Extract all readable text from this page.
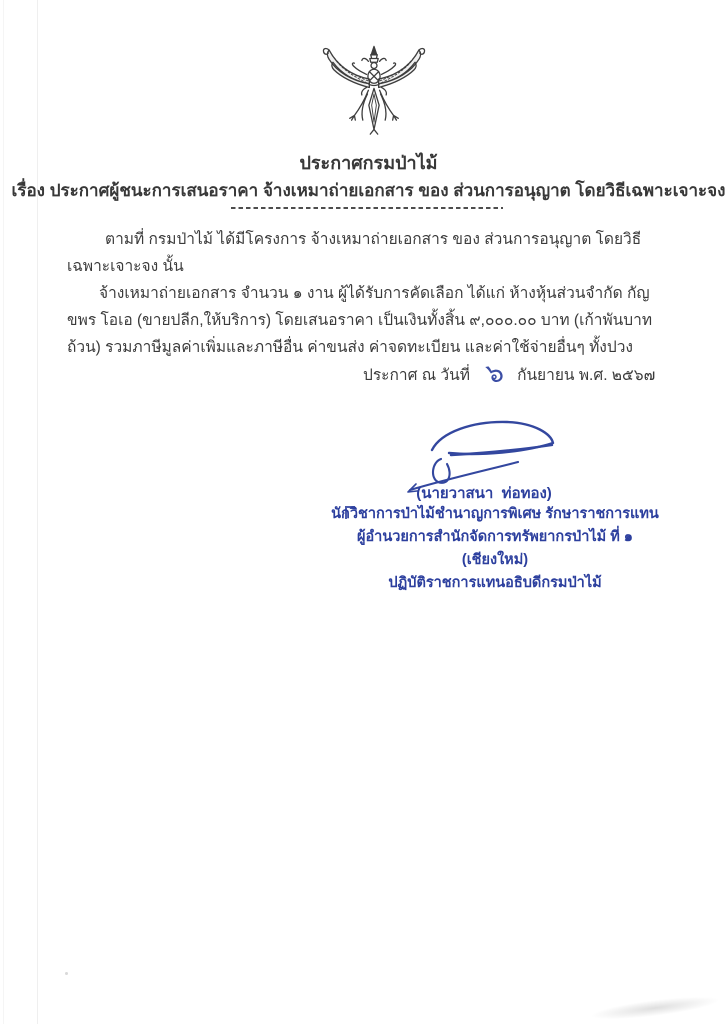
ประกาศกรมป่าไม้
เรื่อง ประกาศผู้ชนะการเสนอราคา จ้างเหมาถ่ายเอกสาร ของ ส่วนการอนุญาต โดยวิธีเฉพาะเจาะจง

ตามที่ กรมป่าไม้ ได้มีโครงการ จ้างเหมาถ่ายเอกสาร ของ ส่วนการอนุญาต โดยวิธีเฉพาะเจาะจง นั้น

จ้างเหมาถ่ายเอกสาร จำนวน ๑ งาน ผู้ได้รับการคัดเลือก ได้แก่ ห้างหุ้นส่วนจำกัด กัญขพร โอเอ (ขายปลีก,ให้บริการ) โดยเสนอราคา เป็นเงินทั้งสิ้น ๙,๐๐๐.๐๐ บาท (เก้าพันบาทถ้วน) รวมภาษีมูลค่าเพิ่มและภาษีอื่น ค่าขนส่ง ค่าจดทะเบียน และค่าใช้จ่ายอื่นๆ ทั้งปวง

ประกาศ ณ วันที่ ๖ กันยายน พ.ศ. ๒๕๖๗
(นายวาสนา  ท่อทอง)
นักวิชาการป่าไม้ชำนาญการพิเศษ รักษาราชการแทน
ผู้อำนวยการสำนักจัดการทรัพยากรป่าไม้ ที่ ๑ (เชียงใหม่)
ปฏิบัติราชการแทนอธิบดีกรมป่าไม้
